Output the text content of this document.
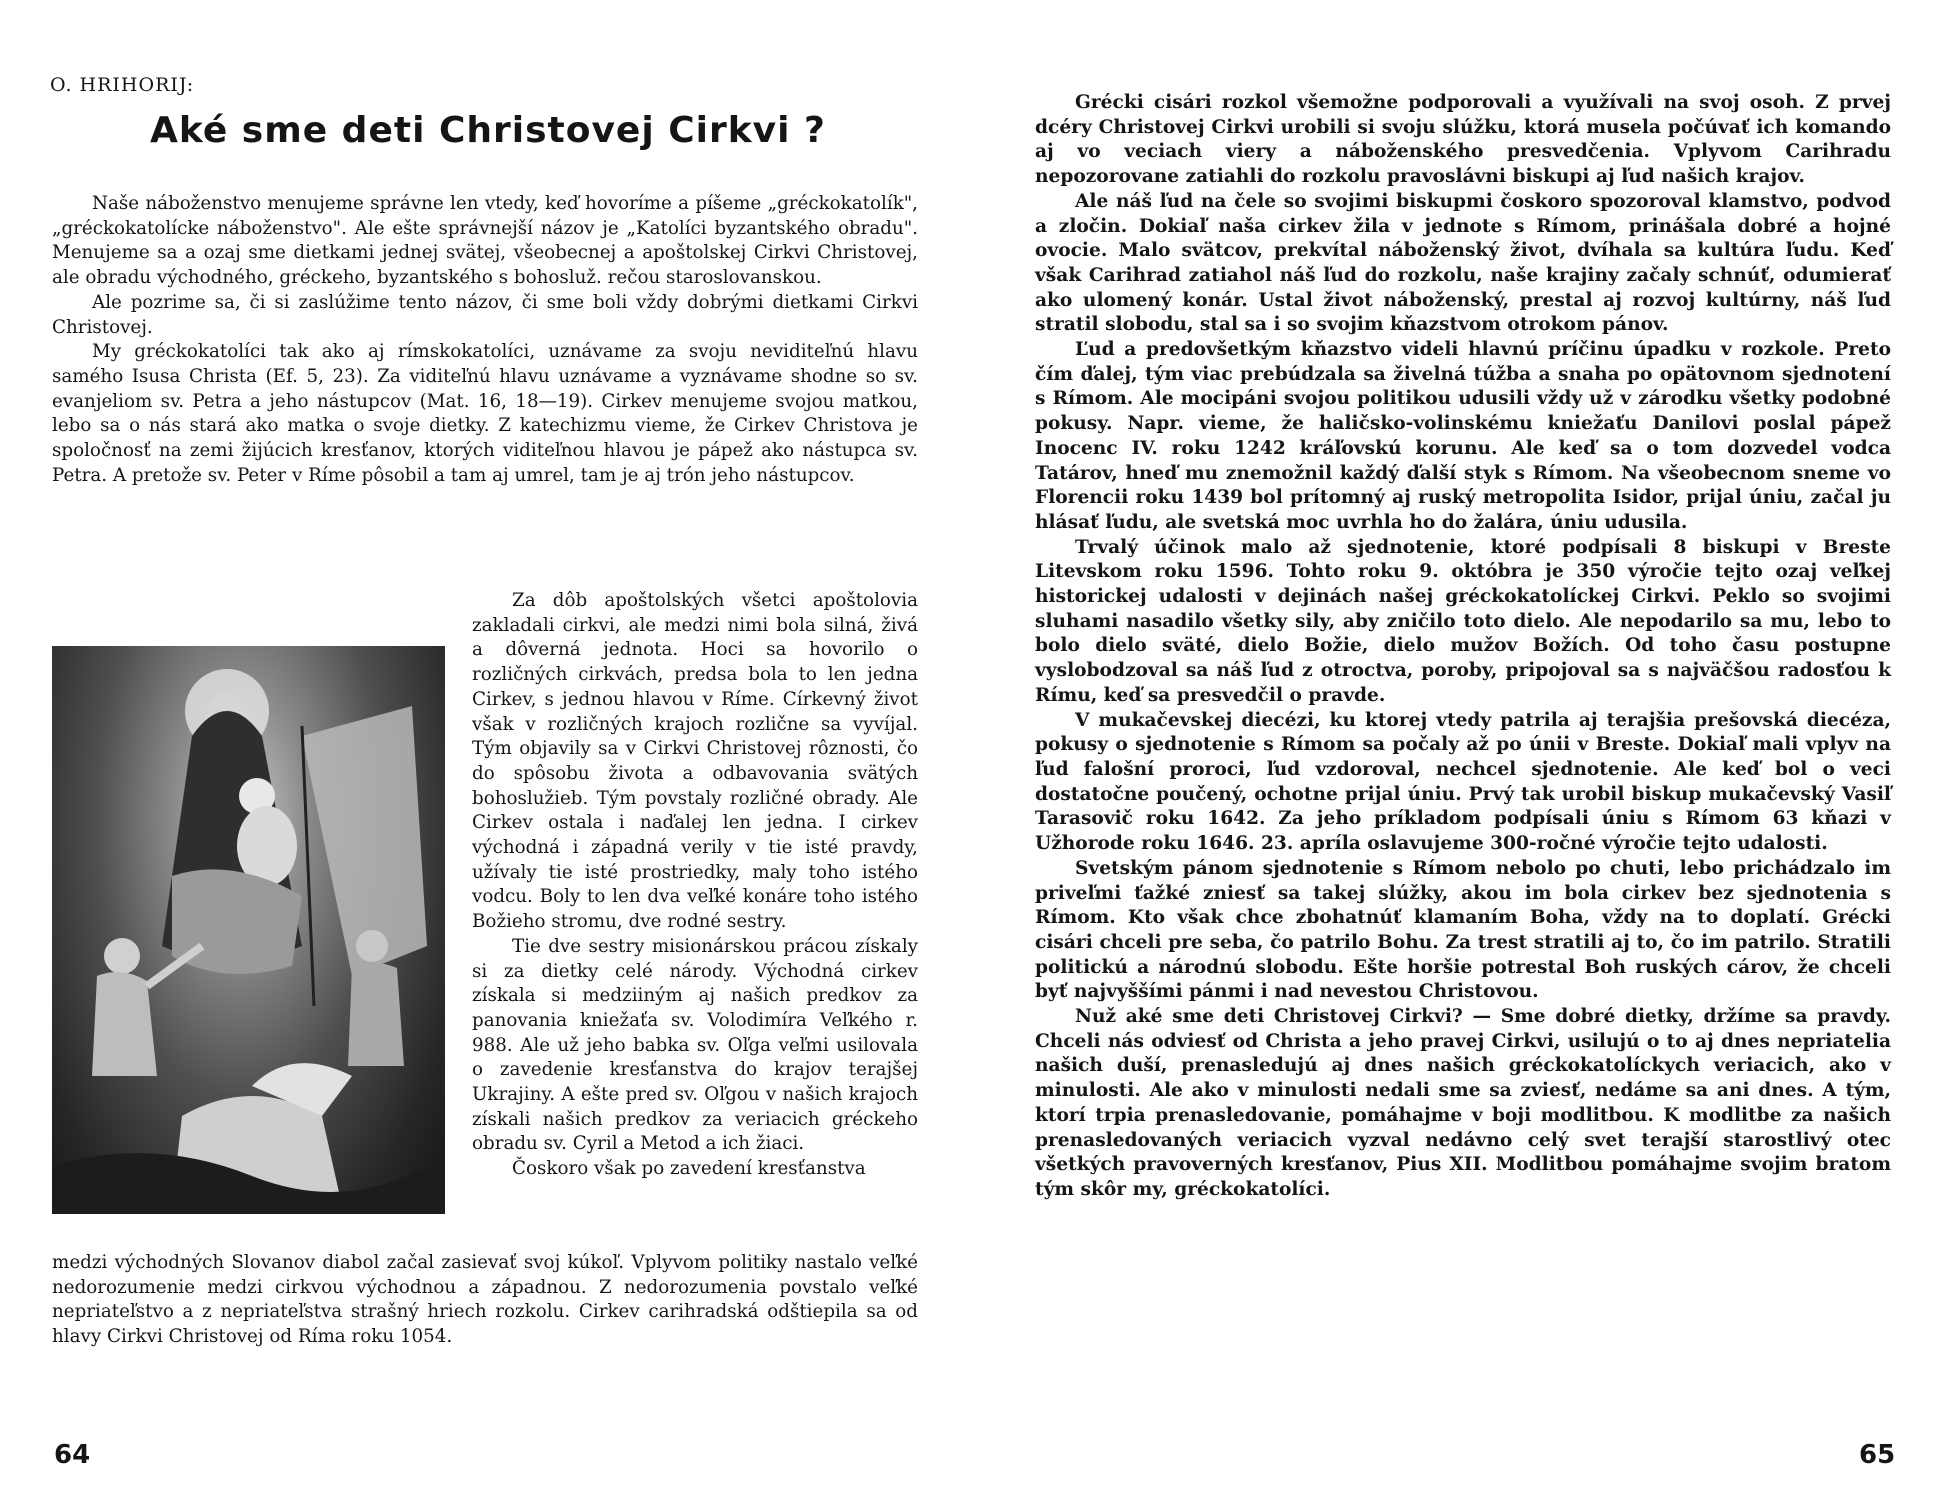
O. HRIHORIJ:
Aké sme deti Christovej Cirkvi ?

Naše náboženstvo menujeme správne len vtedy, keď hovoríme a píšeme „gréckokatolík", „gréckokatolícke náboženstvo". Ale ešte správnejší názov je „Katolíci byzantského obradu". Menujeme sa a ozaj sme dietkami jednej svätej, všeobecnej a apoštolskej Cirkvi Christovej, ale obradu východného, gréckeho, byzantského s bohosluž. rečou staroslovanskou.

Ale pozrime sa, či si zaslúžime tento názov, či sme boli vždy dobrými dietkami Cirkvi Christovej.

My gréckokatolíci tak ako aj rímskokatolíci, uznávame za svoju neviditeľnú hlavu samého Isusa Christa (Ef. 5, 23). Za viditeľnú hlavu uznávame a vyznávame shodne so sv. evanjeliom sv. Petra a jeho nástupcov (Mat. 16, 18—19). Cirkev menujeme svojou matkou, lebo sa o nás stará ako matka o svoje dietky. Z katechizmu vieme, že Cirkev Christova je spoločnosť na zemi žijúcich kresťanov, ktorých viditeľnou hlavou je pápež ako nástupca sv. Petra. A pretože sv. Peter v Ríme pôsobil a tam aj umrel, tam je aj trón jeho nástupcov.

Za dôb apoštolských všetci apoštolovia zakladali cirkvi, ale medzi nimi bola silná, živá a dôverná jednota. Hoci sa hovorilo o rozličných cirkvách, predsa bola to len jedna Cirkev, s jednou hlavou v Ríme. Církevný život však v rozličných krajoch rozlične sa vyvíjal. Tým objavily sa v Cirkvi Christovej rôznosti, čo do spôsobu života a odbavovania svätých bohoslužieb. Tým povstaly rozličné obrady. Ale Cirkev ostala i naďalej len jedna. I cirkev východná i západná verily v tie isté pravdy, užívaly tie isté prostriedky, maly toho istého vodcu. Boly to len dva veľké konáre toho istého Božieho stromu, dve rodné sestry.

Tie dve sestry misionárskou prácou získaly si za dietky celé národy. Východná cirkev získala si medziiným aj našich predkov za panovania kniežaťa sv. Volodimíra Veľkého r. 988. Ale už jeho babka sv. Oľga veľmi usilovala o zavedenie kresťanstva do krajov terajšej Ukrajiny. A ešte pred sv. Oľgou v našich krajoch získali našich predkov za veriacich gréckeho obradu sv. Cyril a Metod a ich žiaci.

Čoskoro však po zavedení kresťanstva

medzi východných Slovanov diabol začal zasievať svoj kúkoľ. Vplyvom politiky nastalo veľké nedorozumenie medzi cirkvou východnou a západnou. Z nedorozumenia povstalo veľké nepriateľstvo a z nepriateľstva strašný hriech rozkolu. Cirkev carihradská odštiepila sa od hlavy Cirkvi Christovej od Ríma roku 1054.

64

Grécki cisári rozkol všemožne podporovali a využívali na svoj osoh. Z prvej dcéry Christovej Cirkvi urobili si svoju slúžku, ktorá musela počúvať ich komando aj vo veciach viery a náboženského presvedčenia. Vplyvom Carihradu nepozorovane zatiahli do rozkolu pravoslávni biskupi aj ľud našich krajov.

Ale náš ľud na čele so svojimi biskupmi čoskoro spozoroval klamstvo, podvod a zločin. Dokiaľ naša cirkev žila v jednote s Rímom, prinášala dobré a hojné ovocie. Malo svätcov, prekvítal náboženský život, dvíhala sa kultúra ľudu. Keď však Carihrad zatiahol náš ľud do rozkolu, naše krajiny začaly schnúť, odumierať ako ulomený konár. Ustal život náboženský, prestal aj rozvoj kultúrny, náš ľud stratil slobodu, stal sa i so svojim kňazstvom otrokom pánov.

Ľud a predovšetkým kňazstvo videli hlavnú príčinu úpadku v rozkole. Preto čím ďalej, tým viac prebúdzala sa živelná túžba a snaha po opätovnom sjednotení s Rímom. Ale mocipáni svojou politikou udusili vždy už v zárodku všetky podobné pokusy. Napr. vieme, že haličsko-volinskému kniežaťu Danilovi poslal pápež Inocenc IV. roku 1242 kráľovskú korunu. Ale keď sa o tom dozvedel vodca Tatárov, hneď mu znemožnil každý ďalší styk s Rímom. Na všeobecnom sneme vo Florencii roku 1439 bol prítomný aj ruský metropolita Isidor, prijal úniu, začal ju hlásať ľudu, ale svetská moc uvrhla ho do žalára, úniu udusila.

Trvalý účinok malo až sjednotenie, ktoré podpísali 8 biskupi v Breste Litevskom roku 1596. Tohto roku 9. októbra je 350 výročie tejto ozaj veľkej historickej udalosti v dejinách našej gréckokatolíckej Cirkvi. Peklo so svojimi sluhami nasadilo všetky sily, aby zničilo toto dielo. Ale nepodarilo sa mu, lebo to bolo dielo sväté, dielo Božie, dielo mužov Božích. Od toho času postupne vyslobodzoval sa náš ľud z otroctva, poroby, pripojoval sa s najväčšou radosťou k Rímu, keď sa presvedčil o pravde.

V mukačevskej diecézi, ku ktorej vtedy patrila aj terajšia prešovská diecéza, pokusy o sjednotenie s Rímom sa počaly až po únii v Breste. Dokiaľ mali vplyv na ľud falošní proroci, ľud vzdoroval, nechcel sjednotenie. Ale keď bol o veci dostatočne poučený, ochotne prijal úniu. Prvý tak urobil biskup mukačevský Vasiľ Tarasovič roku 1642. Za jeho príkladom podpísali úniu s Rímom 63 kňazi v Užhorode roku 1646. 23. apríla oslavujeme 300-ročné výročie tejto udalosti.

Svetským pánom sjednotenie s Rímom nebolo po chuti, lebo prichádzalo im priveľmi ťažké zniesť sa takej slúžky, akou im bola cirkev bez sjednotenia s Rímom. Kto však chce zbohatnúť klamaním Boha, vždy na to doplatí. Grécki cisári chceli pre seba, čo patrilo Bohu. Za trest stratili aj to, čo im patrilo. Stratili politickú a národnú slobodu. Ešte horšie potrestal Boh ruských cárov, že chceli byť najvyššími pánmi i nad nevestou Christovou.

Nuž aké sme deti Christovej Cirkvi? — Sme dobré dietky, držíme sa pravdy. Chceli nás odviesť od Christa a jeho pravej Cirkvi, usilujú o to aj dnes nepriatelia našich duší, prenasledujú aj dnes našich gréckokatolíckych veriacich, ako v minulosti. Ale ako v minulosti nedali sme sa zviesť, nedáme sa ani dnes. A tým, ktorí trpia prenasledovanie, pomáhajme v boji modlitbou. K modlitbe za našich prenasledovaných veriacich vyzval nedávno celý svet terajší starostlivý otec všetkých pravoverných kresťanov, Pius XII. Modlitbou pomáhajme svojim bratom tým skôr my, gréckokatolíci.

65
